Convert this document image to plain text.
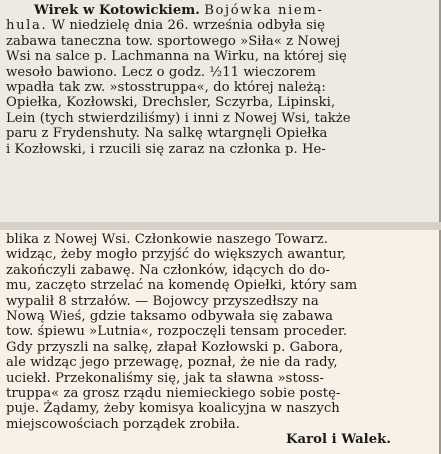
Wirek w Kotowickiem. Bojówka niem-
hula. W niedzielę dnia 26. września odbyła się
zabawa taneczna tow. sportowego »Siła« z Nowej
Wsi na salce p. Lachmanna na Wirku, na której się
wesoło bawiono. Lecz o godz. ½11 wieczorem
wpadła tak zw. »stosstruppa«, do której należą:
Opiełka, Kozłowski, Drechsler, Sczyrba, Lipinski,
Lein (tych stwierdziliśmy) i inni z Nowej Wsi, także
paru z Frydenshuty. Na salkę wtargnęli Opiełka
i Kozłowski, i rzucili się zaraz na członka p. He-
blika z Nowej Wsi. Członkowie naszego Towarz.
widząc, żeby mogło przyjść do większych awantur,
zakończyli zabawę. Na członków, idących do do-
mu, zaczęto strzelać na komendę Opiełki, który sam
wypalił 8 strzałów. — Bojowcy przyszedłszy na
Nową Wieś, gdzie taksamo odbywała się zabawa
tow. śpiewu »Lutnia«, rozpoczęli tensam proceder.
Gdy przyszli na salkę, złapał Kozłowski p. Gabora,
ale widząc jego przewagę, poznał, że nie da rady,
uciekł. Przekonaliśmy się, jak ta sławna »stoss-
truppa« za grosz rządu niemieckiego sobie postę-
puje. Żądamy, żeby komisya koalicyjna w naszych
miejscowościach porządek zrobiła.
Karol i Walek.
